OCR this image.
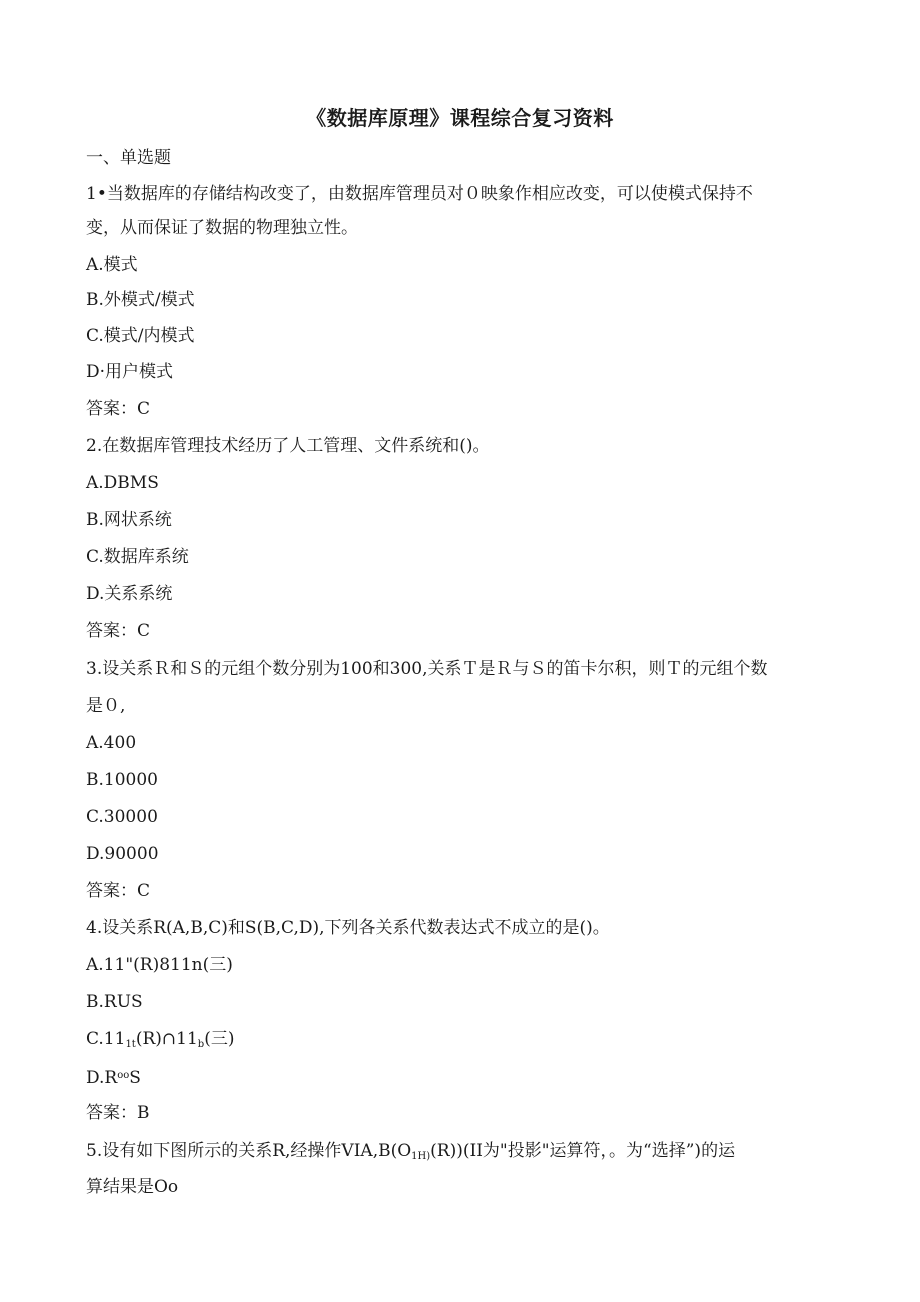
《数据库原理》课程综合复习资料
一、单选题
1•当数据库的存储结构改变了，由数据库管理员对０映象作相应改变，可以使模式保持不
变，从而保证了数据的物理独立性。
A.模式
B.外模式/模式
C.模式/内模式
D·用户模式
答案：C
2.在数据库管理技术经历了人工管理、文件系统和()。
A.DBMS
B.网状系统
C.数据库系统
D.关系系统
答案：C
3.设关系Ｒ和Ｓ的元组个数分别为100和300,关系Ｔ是Ｒ与Ｓ的笛卡尔积，则Ｔ的元组个数
是０,
A.400
B.10000
C.30000
D.90000
答案：C
4.设关系R(A,B,C)和S(B,C,D),下列各关系代数表达式不成立的是()。
A.11"(R)811n(三)
B.RUS
$C.11_{1t}(R)\cap 11_b$(三)
$D.R^{oo}S$
答案：B
5.设有如下图所示的关系R,经操作$VIA,B(O_{1H)}(R))(II$为"投影"运算符，。为“选择”)的运
算结果是Oo
